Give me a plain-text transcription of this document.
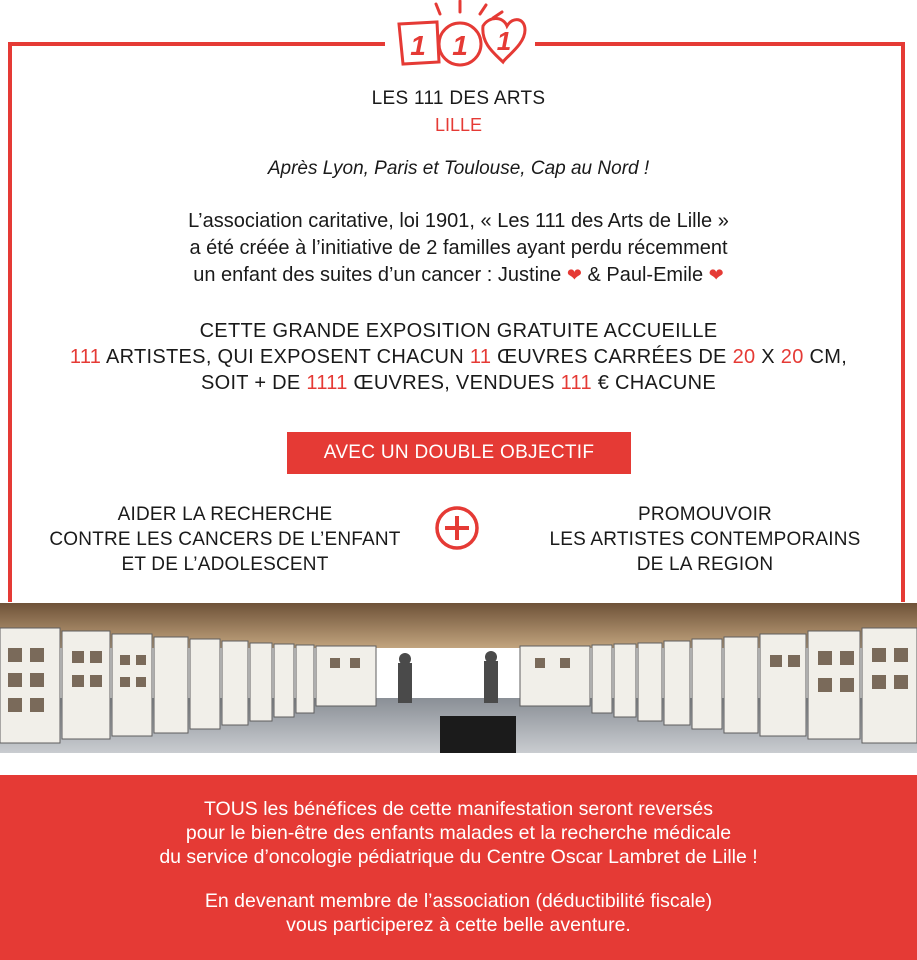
1 1 1
LES 111 DES ARTS
LILLE
Après Lyon, Paris et Toulouse, Cap au Nord !
L’association caritative, loi 1901, « Les 111 des Arts de Lille »
a été créée à l’initiative de 2 familles ayant perdu récemment
un enfant des suites d’un cancer : Justine ❤ & Paul-Emile ❤
CETTE GRANDE EXPOSITION GRATUITE ACCUEILLE
111 ARTISTES, QUI EXPOSENT CHACUN 11 ŒUVRES CARRÉES DE 20 X 20 CM,
SOIT + DE 1111 ŒUVRES, VENDUES 111 € CHACUNE
AVEC UN DOUBLE OBJECTIF
AIDER LA RECHERCHE
CONTRE LES CANCERS DE L’ENFANT
ET DE L’ADOLESCENT
PROMOUVOIR
LES ARTISTES CONTEMPORAINS
DE LA REGION
TOUS les bénéfices de cette manifestation seront reversés
pour le bien-être des enfants malades et la recherche médicale
du service d’oncologie pédiatrique du Centre Oscar Lambret de Lille !
En devenant membre de l’association (déductibilité fiscale)
vous participerez à cette belle aventure.
